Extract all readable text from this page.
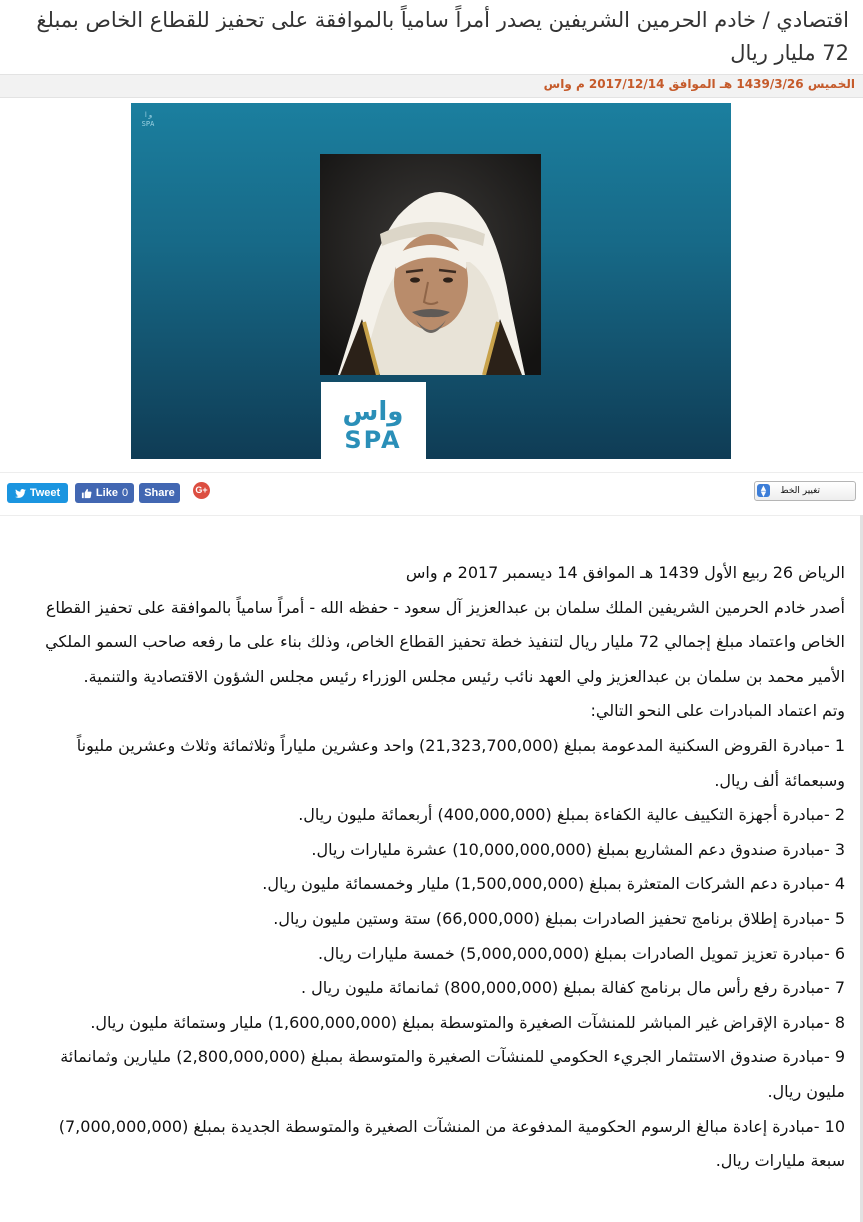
اقتصادي / خادم الحرمين الشريفين يصدر أمراً سامياً بالموافقة على تحفيز للقطاع الخاص بمبلغ 72 مليار ريال
الخميس 1439/3/26 هـ الموافق 2017/12/14 م واس
وا
SPA
واس
SPA
Tweet	Like 0 Share G+	تغيير الخط
▲
▼

الرياض 26 ربيع الأول 1439 هـ الموافق 14 ديسمبر 2017 م واس

أصدر خادم الحرمين الشريفين الملك سلمان بن عبدالعزيز آل سعود - حفظه الله - أمراً سامياً بالموافقة على تحفيز القطاع الخاص واعتماد مبلغ إجمالي 72 مليار ريال لتنفيذ خطة تحفيز القطاع الخاص، وذلك بناء على ما رفعه صاحب السمو الملكي الأمير محمد بن سلمان بن عبدالعزيز ولي العهد نائب رئيس مجلس الوزراء رئيس مجلس الشؤون الاقتصادية والتنمية.

وتم اعتماد المبادرات على النحو التالي:

1 -مبادرة القروض السكنية المدعومة بمبلغ (21,323,700,000) واحد وعشرين ملياراً وثلاثمائة وثلاث وعشرين مليوناً وسبعمائة ألف ريال.

2 -مبادرة أجهزة التكييف عالية الكفاءة بمبلغ (400,000,000) أربعمائة مليون ريال.

3 -مبادرة صندوق دعم المشاريع بمبلغ (10,000,000,000) عشرة مليارات ريال.

4 -مبادرة دعم الشركات المتعثرة بمبلغ (1,500,000,000) مليار وخمسمائة مليون ريال.

5 -مبادرة إطلاق برنامج تحفيز الصادرات بمبلغ (66,000,000) ستة وستين مليون ريال.

6 -مبادرة تعزيز تمويل الصادرات بمبلغ (5,000,000,000) خمسة مليارات ريال.

7 -مبادرة رفع رأس مال برنامج كفالة بمبلغ (800,000,000) ثمانمائة مليون ريال .

8 -مبادرة الإقراض غير المباشر للمنشآت الصغيرة والمتوسطة بمبلغ (1,600,000,000) مليار وستمائة مليون ريال.

9 -مبادرة صندوق الاستثمار الجريء الحكومي للمنشآت الصغيرة والمتوسطة بمبلغ (2,800,000,000) مليارين وثمانمائة مليون ريال.

10 -مبادرة إعادة مبالغ الرسوم الحكومية المدفوعة من المنشآت الصغيرة والمتوسطة الجديدة بمبلغ (7,000,000,000) سبعة مليارات ريال.
